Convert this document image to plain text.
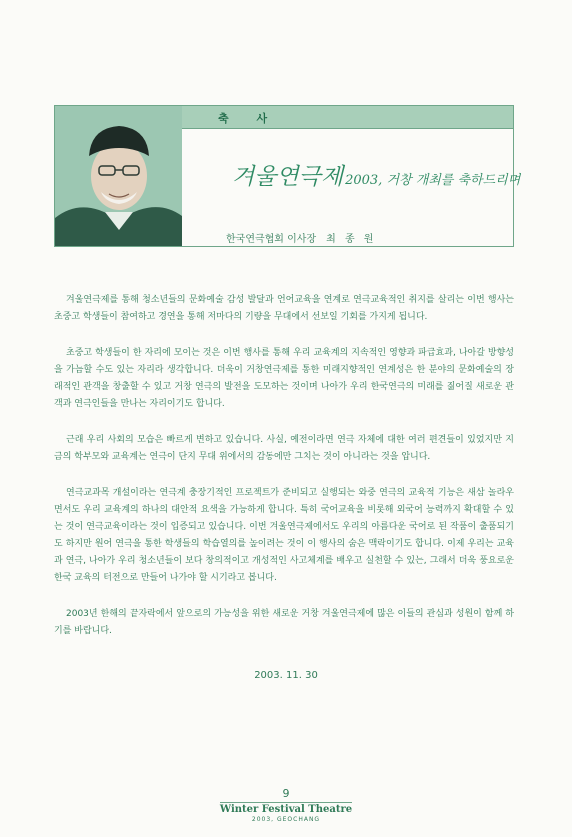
축 사
겨울연극제 2003, 거창 개최를 축하드리며
한국연극협회 이사장 최 종 원

겨울연극제를 통해 청소년들의 문화예술 감성 발달과 언어교육을 연계로 연극교육적인 취지를 살리는 이번 행사는 초중고 학생들이 참여하고 경연을 통해 저마다의 기량을 무대에서 선보일 기회를 가지게 됩니다.

초중고 학생들이 한 자리에 모이는 것은 이번 행사를 통해 우리 교육계의 지속적인 영향과 파급효과, 나아갈 방향성을 가늠할 수도 있는 자리라 생각합니다. 더욱이 거창연극제를 통한 미래지향적인 연계성은 한 분야의 문화예술의 장래적인 관객을 창출할 수 있고 거창 연극의 발전을 도모하는 것이며 나아가 우리 한국연극의 미래를 짊어질 새로운 관객과 연극인들을 만나는 자리이기도 합니다.

근래 우리 사회의 모습은 빠르게 변하고 있습니다. 사실, 예전이라면 연극 자체에 대한 여러 편견들이 있었지만 지금의 학부모와 교육계는 연극이 단지 무대 위에서의 감동에만 그치는 것이 아니라는 것을 압니다.

연극교과목 개설이라는 연극계 충장기적인 프로젝트가 준비되고 실행되는 와중 연극의 교육적 기능은 새삼 놀라우면서도 우리 교육계의 하나의 대안적 요색을 가능하게 합니다. 특히 국어교육을 비롯해 외국어 능력까지 확대할 수 있는 것이 연극교육이라는 것이 입증되고 있습니다. 이번 겨울연극제에서도 우리의 아름다운 국어로 된 작품이 출품되기도 하지만 원어 연극을 통한 학생들의 학습열의를 높이려는 것이 이 행사의 숨은 맥락이기도 합니다. 이제 우리는 교육과 연극, 나아가 우리 청소년들이 보다 창의적이고 개성적인 사고체계를 배우고 실천할 수 있는, 그래서 더욱 풍요로운 한국 교육의 터전으로 만들어 나가야 할 시기라고 봅니다.

2003년 한해의 끝자락에서 앞으로의 가능성을 위한 새로운 거창 겨울연극제에 많은 이들의 관심과 성원이 함께 하기를 바랍니다.

2003. 11. 30
9
Winter Festival Theatre
2003, GEOCHANG
